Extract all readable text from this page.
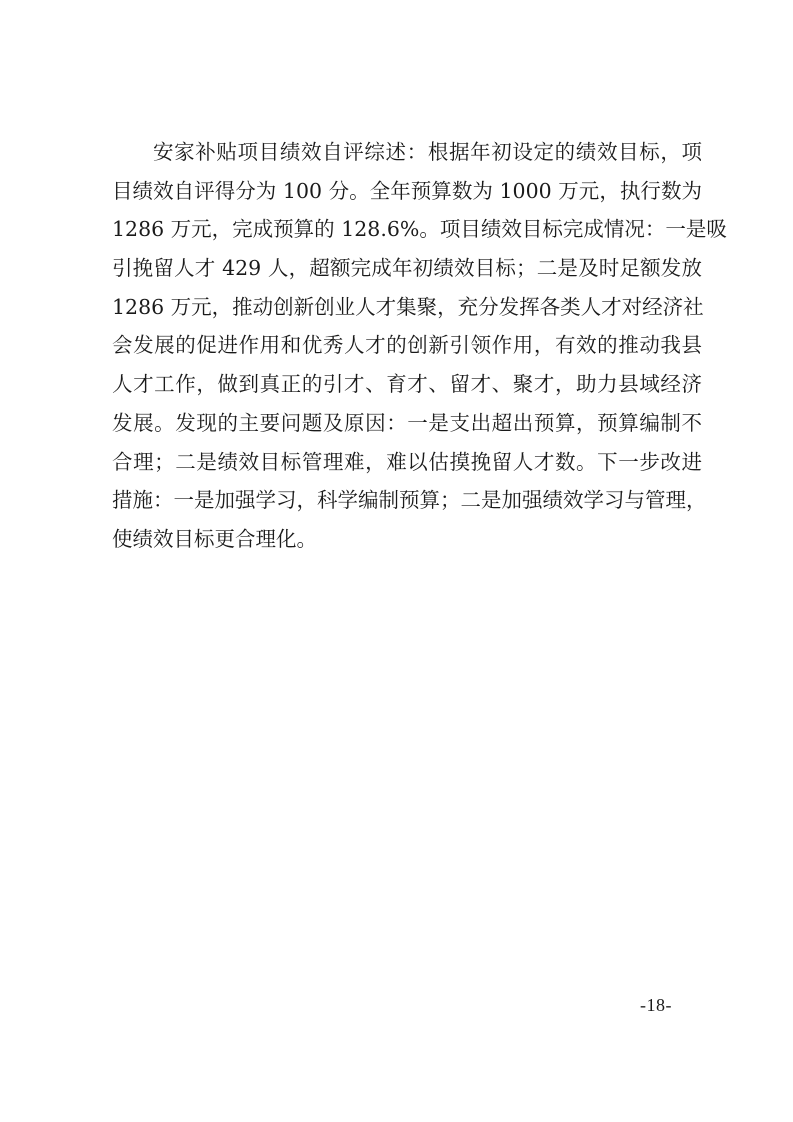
安家补贴项目绩效自评综述：根据年初设定的绩效目标，项
目绩效自评得分为 100 分。全年预算数为 1000 万元，执行数为
1286 万元，完成预算的 128.6%。项目绩效目标完成情况：一是吸
引挽留人才 429 人，超额完成年初绩效目标；二是及时足额发放
1286 万元，推动创新创业人才集聚，充分发挥各类人才对经济社
会发展的促进作用和优秀人才的创新引领作用，有效的推动我县
人才工作，做到真正的引才、育才、留才、聚才，助力县域经济
发展。发现的主要问题及原因：一是支出超出预算，预算编制不
合理；二是绩效目标管理难，难以估摸挽留人才数。下一步改进
措施：一是加强学习，科学编制预算；二是加强绩效学习与管理，
使绩效目标更合理化。
-18-
